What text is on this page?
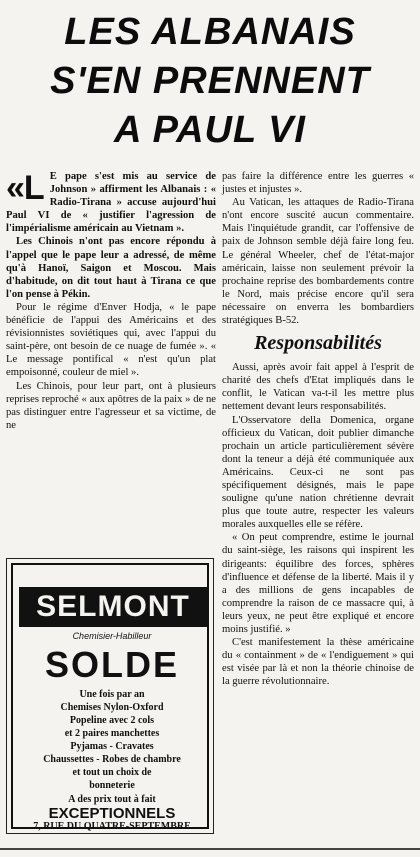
LES ALBANAIS
S'EN PRENNENT
A PAUL VI
«L E pape s'est mis au service de Johnson » affirment les Albanais : « Radio-Tirana » accuse aujourd'hui Paul VI de « justifier l'agression de l'impérialisme américain au Vietnam ».

Les Chinois n'ont pas encore répondu à l'appel que le pape leur a adressé, de même qu'à Hanoï, Saigon et Moscou. Mais d'habitude, on dit tout haut à Tirana ce que l'on pense à Pékin.

Pour le régime d'Enver Hodja, « le pape bénéficie de l'appui des Américains et des révisionnistes soviétiques qui, avec l'appui du saint-père, ont besoin de ce nuage de fumée ». « Le message pontifical « n'est qu'un plat empoisonné, couleur de miel ».

Les Chinois, pour leur part, ont à plusieurs reprises reproché « aux apôtres de la paix » de ne pas distinguer entre l'agresseur et sa victime, de ne

pas faire la différence entre les guerres « justes et injustes ».

Au Vatican, les attaques de Radio-Tirana n'ont encore suscité aucun commentaire. Mais l'inquiétude grandit, car l'offensive de paix de Johnson semble déjà faire long feu. Le général Wheeler, chef de l'état-major américain, laisse non seulement prévoir la prochaine reprise des bombardements contre le Nord, mais précise encore qu'il sera nécessaire on enverra les bombardiers stratégiques B-52.

Responsabilités

Aussi, après avoir fait appel à l'esprit de charité des chefs d'Etat impliqués dans le conflit, le Vatican va-t-il les mettre plus nettement devant leurs responsabilités.

L'Osservatore della Domenica, organe officieux du Vatican, doit publier dimanche prochain un article particulièrement sévère dont la teneur a déjà été communiquée aux Américains. Ceux-ci ne sont pas spécifiquement désignés, mais le pape souligne qu'une nation chrétienne devrait plus que toute autre, respecter les valeurs morales auxquelles elle se réfère.

« On peut comprendre, estime le journal du saint-siège, les raisons qui inspirent les dirigeants: équilibre des forces, sphères d'influence et défense de la liberté. Mais il y a des millions de gens incapables de comprendre la raison de ce massacre qui, à leurs yeux, ne peut être expliqué et encore moins justifié. »

C'est manifestement la thèse américaine du « containment » de « l'endiguement » qui est visée par là et non la théorie chinoise de la guerre révolutionnaire.

SELMONT
Chemisier-Habilleur
SOLDE
Une fois par an
Chemises Nylon-Oxford
Popeline avec 2 cols
et 2 paires manchettes
Pyjamas - Cravates
Chaussettes - Robes de chambre
et tout un choix de
bonneterie
A des prix tout à fait
EXCEPTIONNELS
7, RUE DU QUATRE-SEPTEMBRE
